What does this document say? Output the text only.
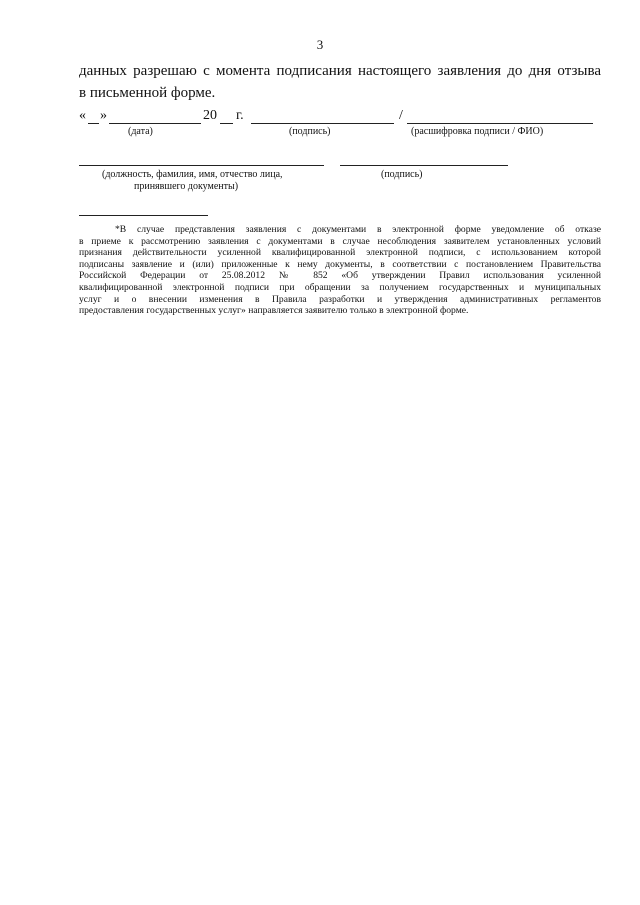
3
данных разрешаю с момента подписания настоящего заявления до дня отзыва
в письменной форме.
« »	20 г.	/
(дата)	(подпись)	(расшифровка подписи / ФИО)
(должность, фамилия, имя, отчество лица,
принявшего документы)
(подпись)
*В случае представления заявления с документами в электронной форме уведомление об отказе
в приеме к рассмотрению заявления с документами в случае несоблюдения заявителем установленных условий
признания действительности усиленной квалифицированной электронной подписи, с использованием которой
подписаны заявление и (или) приложенные к нему документы, в соответствии с постановлением Правительства
Российской Федерации от 25.08.2012 № 852 «Об утверждении Правил использования усиленной
квалифицированной электронной подписи при обращении за получением государственных и муниципальных
услуг и о внесении изменения в Правила разработки и утверждения административных регламентов
предоставления государственных услуг» направляется заявителю только в электронной форме.
